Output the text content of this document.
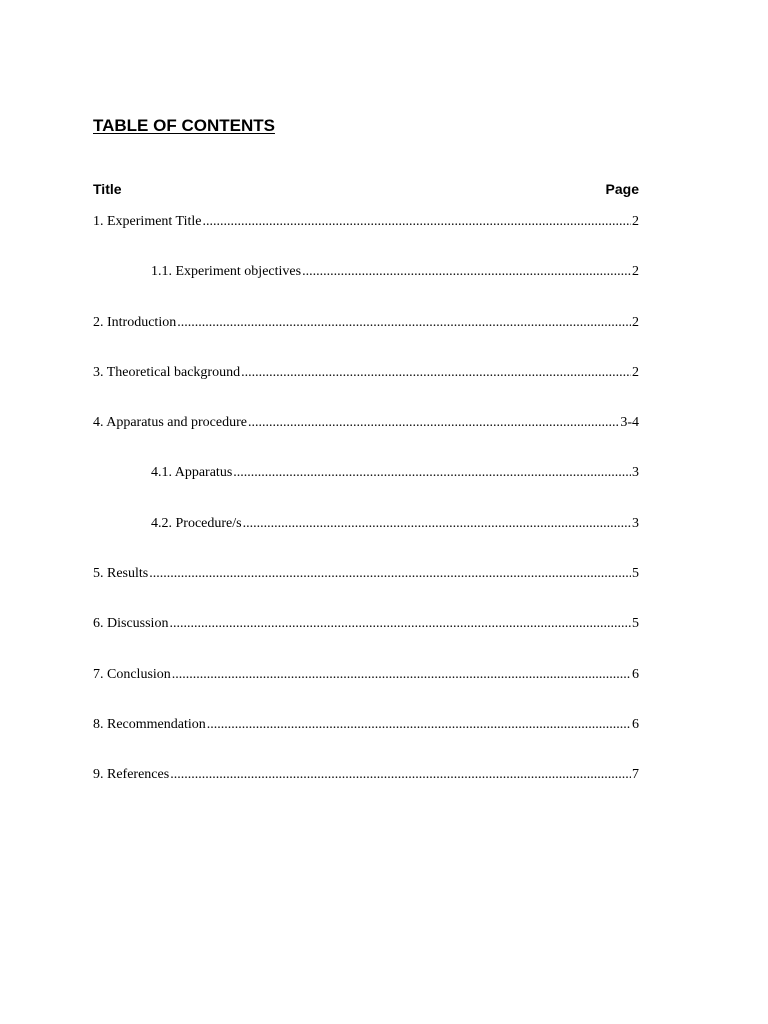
TABLE OF CONTENTS
Title	Page
1. Experiment Title .....	2
1.1. Experiment objectives .....	2
2. Introduction .....	2
3. Theoretical background .....	2
4. Apparatus and procedure .....	3-4
4.1. Apparatus .....	3
4.2. Procedure/s .....	3
5. Results .....	5
6. Discussion .....	5
7. Conclusion .....	6
8. Recommendation .....	6
9. References .....	7
